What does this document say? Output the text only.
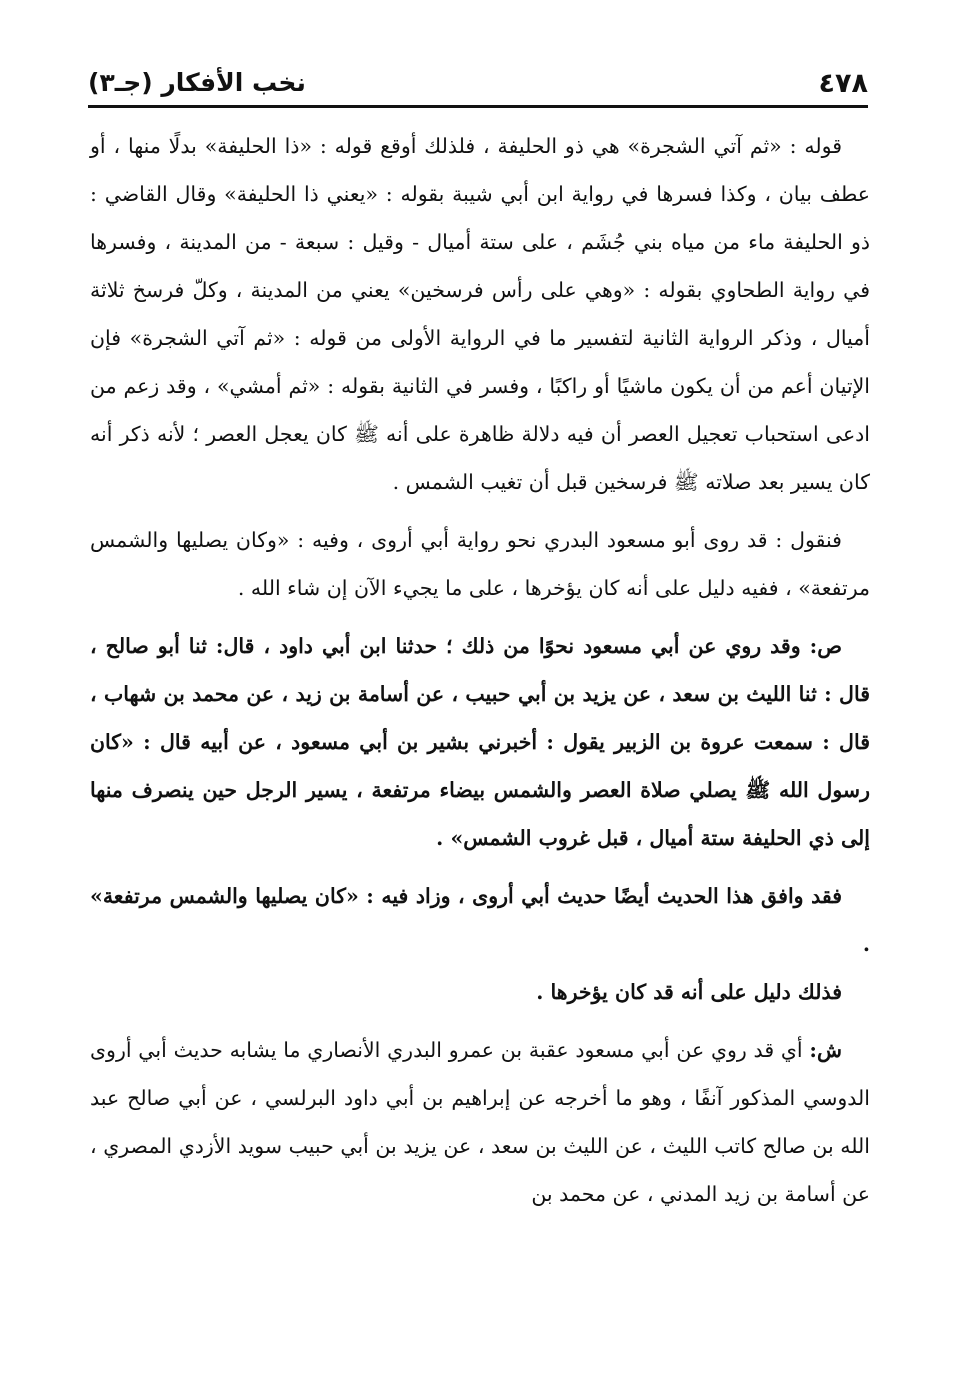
٤٧٨
نخب الأفكار (جـ٣)

قوله : «ثم آتي الشجرة» هي ذو الحليفة ، فلذلك أوقع قوله : «ذا الحليفة» بدلًا منها ، أو عطف بيان ، وكذا فسرها في رواية ابن أبي شيبة بقوله : «يعني ذا الحليفة» وقال القاضي : ذو الحليفة ماء من مياه بني جُشَم ، على ستة أميال - وقيل : سبعة - من المدينة ، وفسرها في رواية الطحاوي بقوله : «وهي على رأس فرسخين» يعني من المدينة ، وكلّ فرسخ ثلاثة أميال ، وذكر الرواية الثانية لتفسير ما في الرواية الأولى من قوله : «ثم آتي الشجرة» فإن الإتيان أعم من أن يكون ماشيًا أو راكبًا ، وفسر في الثانية بقوله : «ثم أمشي» ، وقد زعم من ادعى استحباب تعجيل العصر أن فيه دلالة ظاهرة على أنه ﷺ كان يعجل العصر ؛ لأنه ذكر أنه كان يسير بعد صلاته ﷺ فرسخين قبل أن تغيب الشمس .

فنقول : قد روى أبو مسعود البدري نحو رواية أبي أروى ، وفيه : «وكان يصليها والشمس مرتفعة» ، ففيه دليل على أنه كان يؤخرها ، على ما يجيء الآن إن شاء الله .

ص: وقد روي عن أبي مسعود نحوًا من ذلك ؛ حدثنا ابن أبي داود ، قال: ثنا أبو صالح ، قال : ثنا الليث بن سعد ، عن يزيد بن أبي حبيب ، عن أسامة بن زيد ، عن محمد بن شهاب ، قال : سمعت عروة بن الزبير يقول : أخبرني بشير بن أبي مسعود ، عن أبيه قال : «كان رسول الله ﷺ يصلي صلاة العصر والشمس بيضاء مرتفعة ، يسير الرجل حين ينصرف منها إلى ذي الحليفة ستة أميال ، قبل غروب الشمس» .

فقد وافق هذا الحديث أيضًا حديث أبي أروى ، وزاد فيه : «كان يصليها والشمس مرتفعة» .

فذلك دليل على أنه قد كان يؤخرها .

ش: أي قد روي عن أبي مسعود عقبة بن عمرو البدري الأنصاري ما يشابه حديث أبي أروى الدوسي المذكور آنفًا ، وهو ما أخرجه عن إبراهيم بن أبي داود البرلسي ، عن أبي صالح عبد الله بن صالح كاتب الليث ، عن الليث بن سعد ، عن يزيد بن أبي حبيب سويد الأزدي المصري ، عن أسامة بن زيد المدني ، عن محمد بن
